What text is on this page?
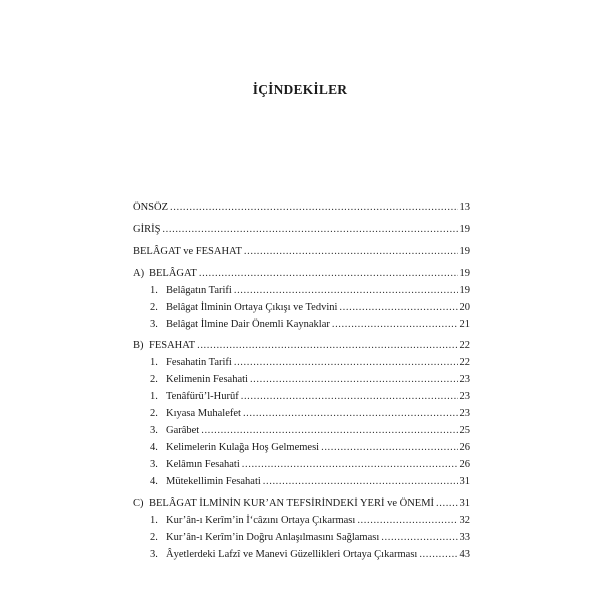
İÇİNDEKİLER
ÖNSÖZ .....	13
GİRİŞ .....	19
BELÂGAT ve FESAHAT .....	19
A) BELÂGAT .....	19
1. Belâgatın Tarifi .....	19
2. Belâgat İlminin Ortaya Çıkışı ve Tedvini .....	20
3. Belâgat İlmine Dair Önemli Kaynaklar .....	21
B) FESAHAT .....	22
1. Fesahatin Tarifi .....	22
2. Kelimenin Fesahati .....	23
1. Tenâfürü’l-Hurûf .....	23
2. Kıyasa Muhalefet .....	23
3. Garâbet .....	25
4. Kelimelerin Kulağa Hoş Gelmemesi .....	26
3. Kelâmın Fesahati .....	26
4. Mütekellimin Fesahati .....	31
C) BELÂGAT İLMİNİN KUR’AN TEFSİRİNDEKİ YERİ ve ÖNEMİ ..... 31
1. Kur’ân-ı Kerîm’in İ‘câzını Ortaya Çıkarması .....	32
2. Kur’ân-ı Kerîm’in Doğru Anlaşılmasını Sağlaması .....	33
3. Âyetlerdeki Lafzî ve Manevi Güzellikleri Ortaya Çıkarması .....	43
